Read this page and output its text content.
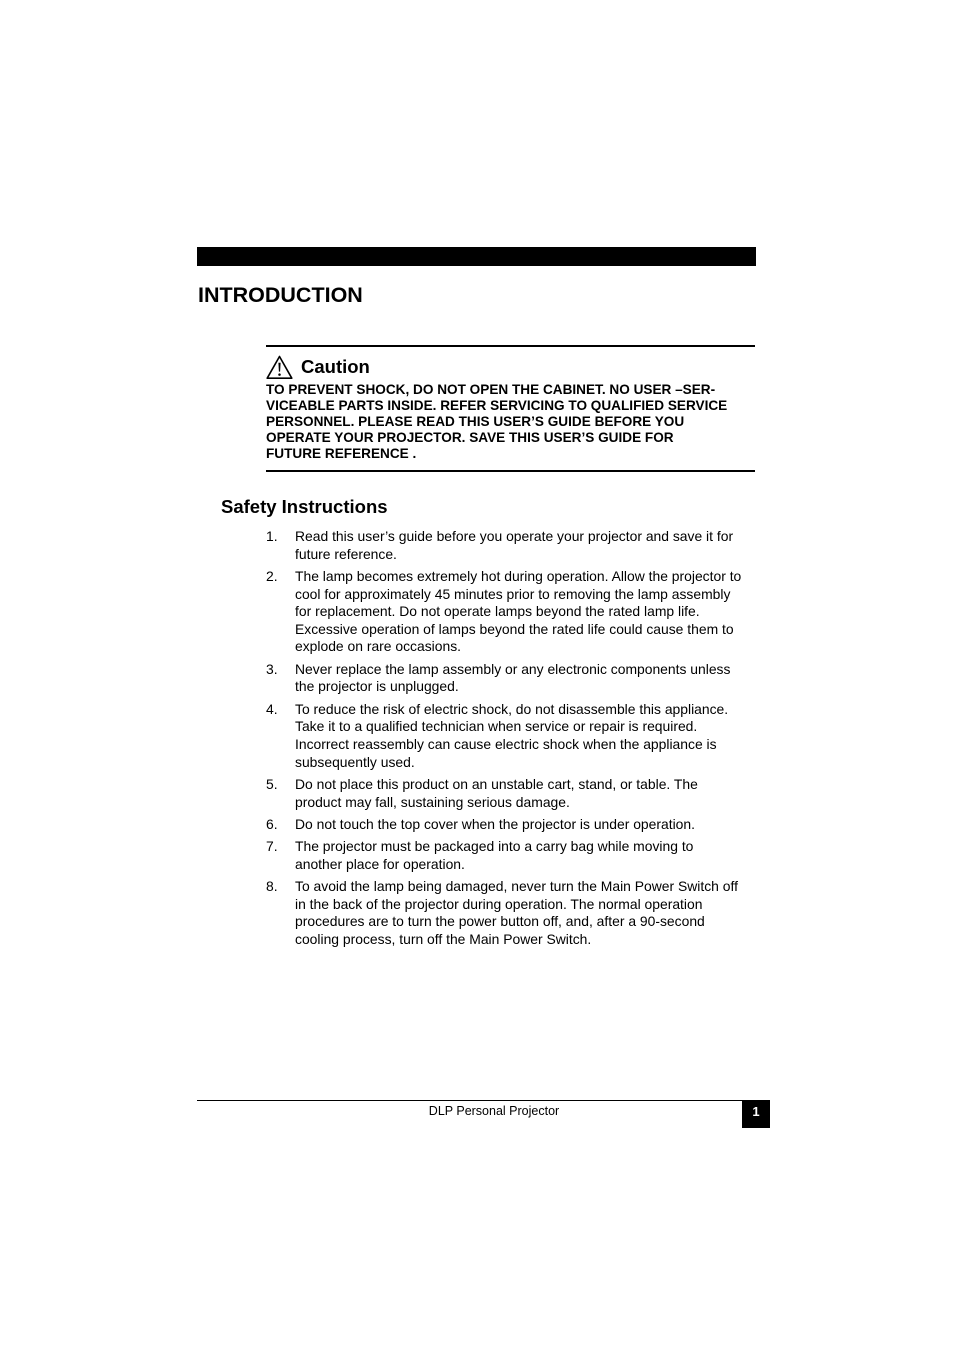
INTRODUCTION
Caution
TO PREVENT SHOCK, DO NOT OPEN THE CABINET. NO USER –SER-
VICEABLE PARTS INSIDE. REFER SERVICING TO QUALIFIED SERVICE
PERSONNEL. PLEASE READ THIS USER’S GUIDE BEFORE YOU
OPERATE YOUR PROJECTOR. SAVE THIS USER’S GUIDE FOR
FUTURE REFERENCE .
Safety Instructions
1. Read this user’s guide before you operate your projector and save it for
future reference.
2. The lamp becomes extremely hot during operation. Allow the projector to
cool for approximately 45 minutes prior to removing the lamp assembly
for replacement. Do not operate lamps beyond the rated lamp life.
Excessive operation of lamps beyond the rated life could cause them to
explode on rare occasions.
3. Never replace the lamp assembly or any electronic components unless
the projector is unplugged.
4. To reduce the risk of electric shock, do not disassemble this appliance.
Take it to a qualified technician when service or repair is required.
Incorrect reassembly can cause electric shock when the appliance is
subsequently used.
5. Do not place this product on an unstable cart, stand, or table. The
product may fall, sustaining serious damage.
6. Do not touch the top cover when the projector is under operation.
7. The projector must be packaged into a carry bag while moving to
another place for operation.
8. To avoid the lamp being damaged, never turn the Main Power Switch off
in the back of the projector during operation. The normal operation
procedures are to turn the power button off, and, after a 90-second
cooling process, turn off the Main Power Switch.
DLP Personal Projector	1
